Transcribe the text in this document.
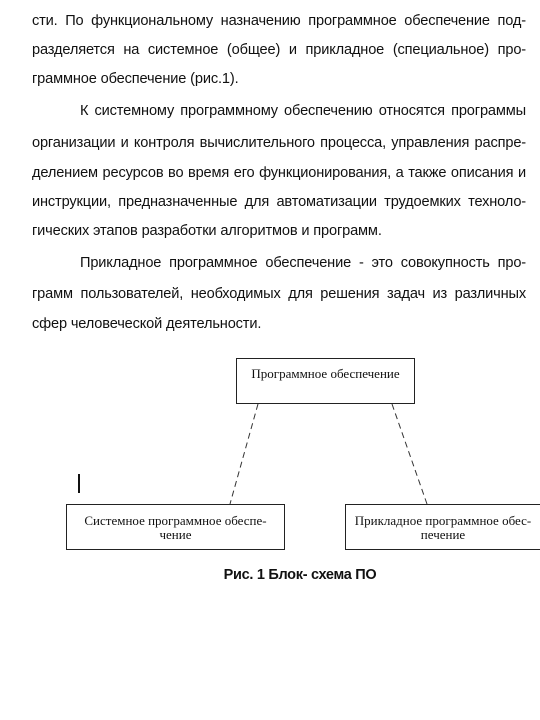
сти. По функциональному назначению программное обеспечение под-
разделяется на системное (общее) и прикладное (специальное) про-
граммное обеспечение (рис.1).
К системному программному обеспечению относятся программы
организации и контроля вычислительного процесса, управления распре-
делением ресурсов во время его функционирования, а также описания и
инструкции, предназначенные для автоматизации трудоемких техноло-
гических этапов разработки алгоритмов и программ.
Прикладное программное обеспечение - это совокупность про-
грамм пользователей, необходимых для решения задач из различных
сфер человеческой деятельности.
Программное обеспечение
Системное программное обеспе-
чение
Прикладное программное обес-
печение
Рис. 1 Блок- схема ПО
